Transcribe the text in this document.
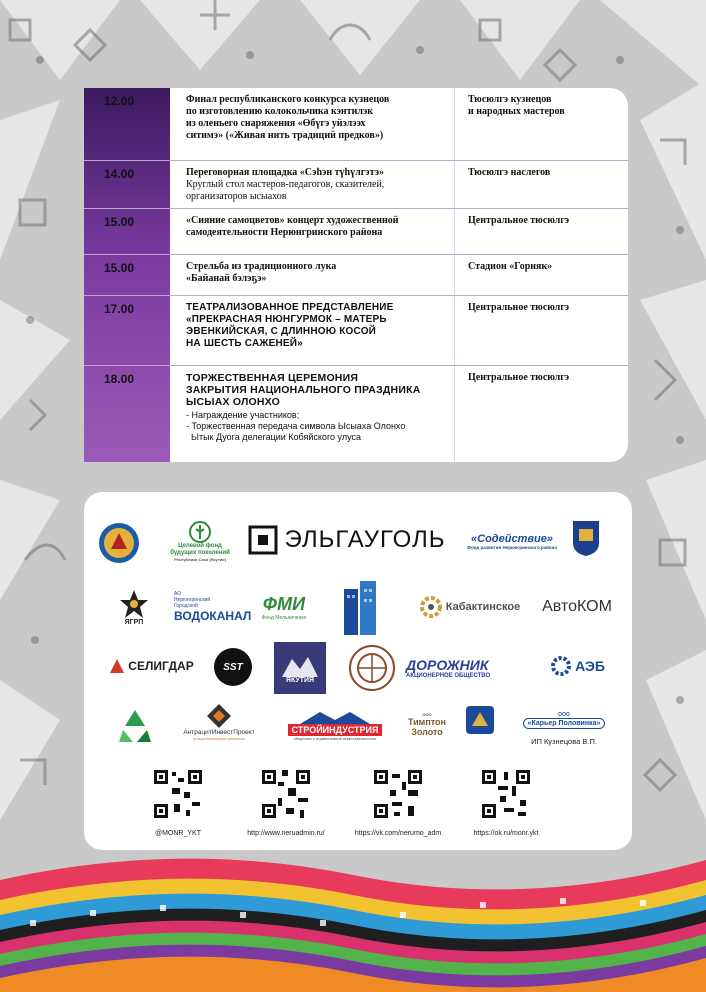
12.00	Финал республиканского конкурса кузнецов
по изготовлению колокольчика кэнтилэк
из оленьего снаряжения «Өбүгэ уйэлээх
ситимэ» («Живая нить традиций предков»)
Тюсюлгэ кузнецов
и народных мастеров
14.00	Переговорная площадка «Сэһэн түһүлгэтэ»
Круглый стол мастеров-педагогов, сказителей,
организаторов ысыахов
Тюсюлгэ наслегов
15.00	«Сияние самоцветов» концерт художественной
самодеятельности Нерюнгринского района
Центральное тюсюлгэ
15.00	Стрельба из традиционного лука
«Байанай бэлэҕэ»
Стадион «Горняк»
17.00	ТЕАТРАЛИЗОВАННОЕ ПРЕДСТАВЛЕНИЕ
«ПРЕКРАСНАЯ НЮНГУРМОК – МАТЕРЬ
ЭВЕНКИЙСКАЯ, С ДЛИННОЮ КОСОЙ
НА ШЕСТЬ САЖЕНЕЙ»
Центральное тюсюлгэ
18.00	ТОРЖЕСТВЕННАЯ ЦЕРЕМОНИЯ
ЗАКРЫТИЯ НАЦИОНАЛЬНОГО ПРАЗДНИКА
ЫСЫАХ ОЛОНХО
- Награждение участников;
- Торжественная передача символа Ысыаха Олонхо
Ытык Дуога делегации Кобяйского улуса
Центральное тюсюлгэ
Целевой фонд
будущих поколений
Республики Саха (Якутия)
ЭЛЬГАУГОЛЬ «Содействие»
Фонд развития Нерюнгринского района
ЯГРП
АО
Нерюнгринский
Городской
ВОДОКАНАЛ
ФМИ
Фонд Мельниченко
Кабактинское АвтоКОМ
СЕЛИГДАР	SST
ЯКУТИЯ
ДОРОЖНИК
АКЦИОНЕРНОЕ ОБЩЕСТВО
АЭБ
АнтрацитИнвестПроект
угледобывающая компания
СТРОЙИНДУСТРИЯ
общество с ограниченной ответственностью
ООО
Тимптон
Золото
ООО
«Карьер Половинка»
ИП Кузнецова В.П.
@MONR_YKT	http://www.neruadmin.ru/	https://vk.com/nerumo_adm	https://ok.ru/monr.ykt
